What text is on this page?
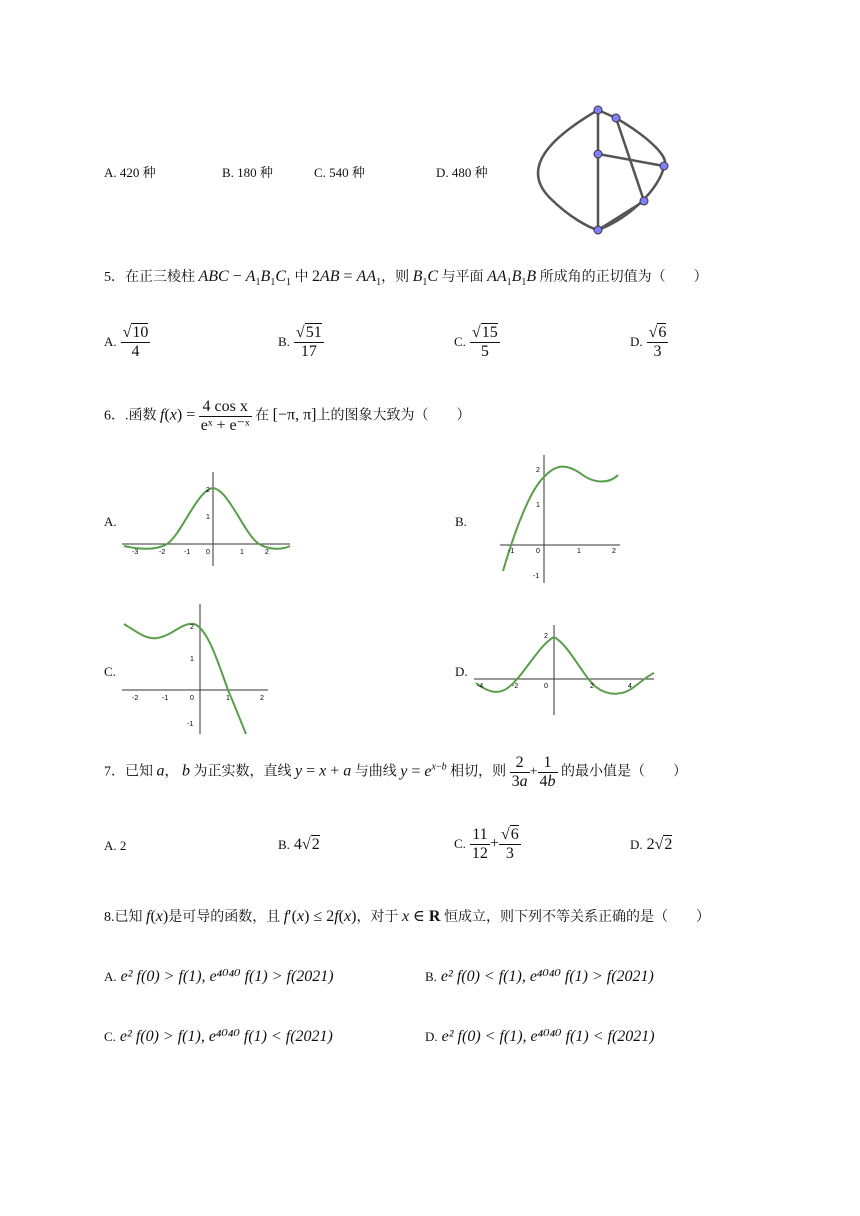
A. 420 种	B. 180 种	C. 540 种	D. 480 种
5．在正三棱柱 ABC − $A_1B_1C_1$ 中 $2AB = AA_1$，则 $B_1C$ 与平面 $AA_1B_1B$ 所成角的正切值为（　　）
A. $\frac{√10}{4}$	B. $\frac{√51}{17}$	C. $\frac{√15}{5}$	D. $\frac{√6}{3}$
6．.函数 $f(x) = \frac{\text{4 cos x}}{\text{eˣ + e⁻ˣ}}$ 在 [−π, π]上的图象大致为（　　）
A.	B.
C.	D.
-3	-2	-1 0	1	2
2
1
-1	0	1	2
2
1
-1
-2	-1	0	1	2
2
1
-1
-4	-2	0	2	4
2
7．已知 a， b 为正实数，直线 y = x + a 与曲线 $y = e^{x-b}$ 相切，则 $\frac{2}{3a} + \frac{1}{4b}$ 的最小值是（　　）
A. 2	B. 4√2	C. $\frac{11}{12} + \frac{√6}{3}$	D. 2√2
8.已知 f(x)是可导的函数，且 f′(x) ≤ 2f(x)，对于 x ∈ R 恒成立，则下列不等关系正确的是（　　）
A. e² f(0) > f(1), e⁴⁰⁴⁰ f(1) > f(2021)	B. e² f(0) < f(1), e⁴⁰⁴⁰ f(1) > f(2021)
C. e² f(0) > f(1), e⁴⁰⁴⁰ f(1) < f(2021)	D. e² f(0) < f(1), e⁴⁰⁴⁰ f(1) < f(2021)
